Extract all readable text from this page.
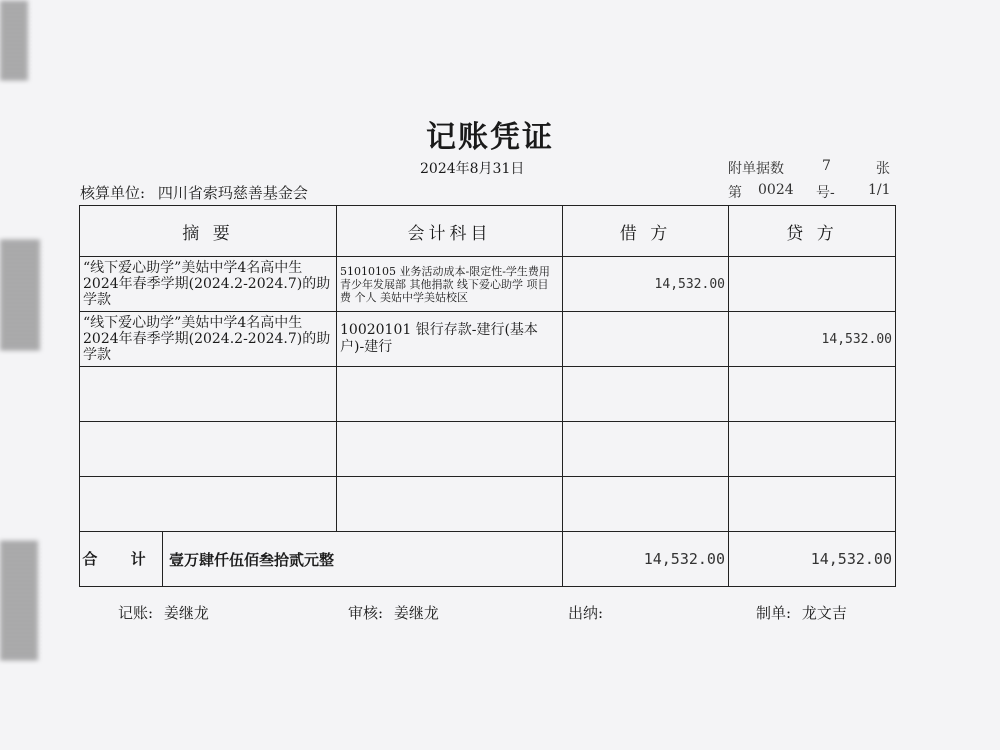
记账凭证
2024年8月31日	附单据数	7	张
核算单位: 四川省索玛慈善基金会	第 0024 号- 1/1
摘 要	会计科目	借 方	贷 方
“线下爱心助学”美姑中学4名高中生2024年春季学期(2024.2-2024.7)的助学款	51010105 业务活动成本-限定性-学生费用 青少年发展部 其他捐款 线下爱心助学 项目费 个人 美姑中学美姑校区	14,532.00	
“线下爱心助学”美姑中学4名高中生2024年春季学期(2024.2-2024.7)的助学款	10020101 银行存款-建行(基本户)-建行		14,532.00

合 计 壹万肆仟伍佰叁拾贰元整		14,532.00	14,532.00
记账: 姜继龙	审核: 姜继龙	出纳:	制单: 龙文吉
